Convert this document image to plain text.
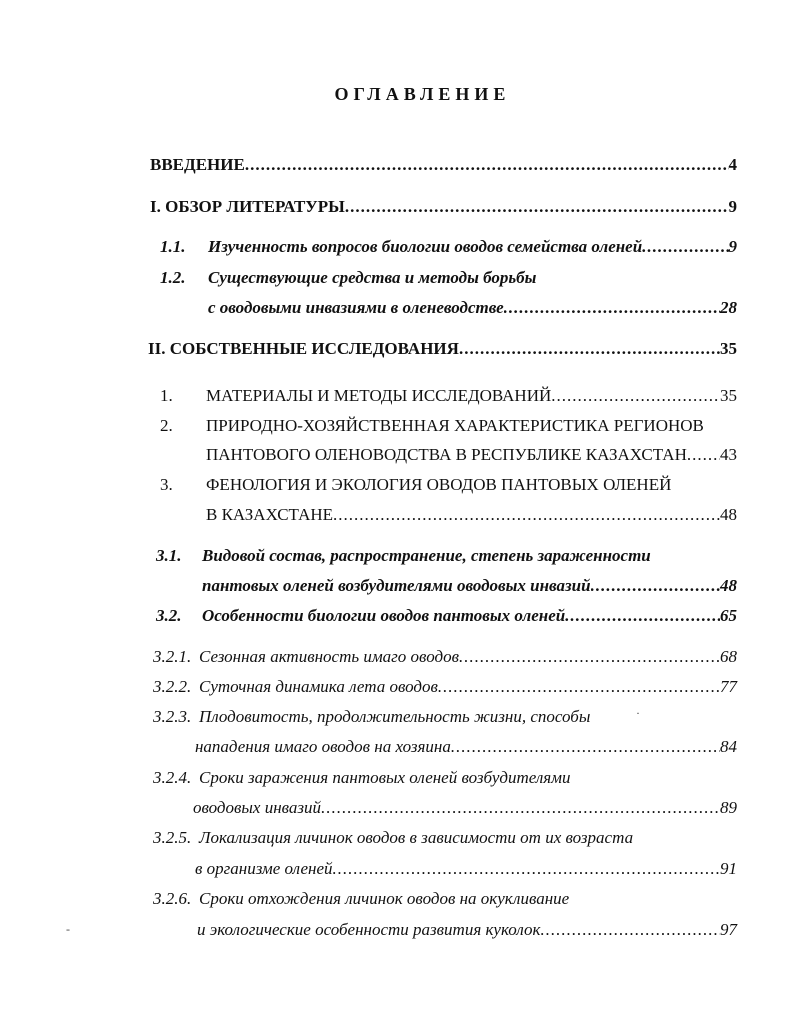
ОГЛАВЛЕНИЕ
ВВЕДЕНИЕ .....	4
I. ОБЗОР ЛИТЕРАТУРЫ .....	9
1.1.	Изученность вопросов биологии оводов семейства оленей .....	9
1.2.	Существующие средства и методы борьбы
с оводовыми инвазиями в оленеводстве .....	28
II. СОБСТВЕННЫЕ ИССЛЕДОВАНИЯ .....	35
1.	МАТЕРИАЛЫ И МЕТОДЫ ИССЛЕДОВАНИЙ .....	35
2.	ПРИРОДНО-ХОЗЯЙСТВЕННАЯ ХАРАКТЕРИСТИКА РЕГИОНОВ
ПАНТОВОГО ОЛЕНОВОДСТВА В РЕСПУБЛИКЕ КАЗАХСТАН ..... 43
3.	ФЕНОЛОГИЯ И ЭКОЛОГИЯ ОВОДОВ ПАНТОВЫХ ОЛЕНЕЙ
В КАЗАХСТАНЕ .....	48
3.1.	Видовой состав, распространение, степень зараженности
пантовых оленей возбудителями оводовых инвазий .....	48
3.2.	Особенности биологии оводов пантовых оленей .....	65
3.2.1. Сезонная активность имаго оводов .....	68
3.2.2. Суточная динамика лета оводов .....	77
3.2.3. Плодовитость, продолжительность жизни, способы
нападения имаго оводов на хозяина .....	84
3.2.4. Сроки заражения пантовых оленей возбудителями
оводовых инвазий .....	89
3.2.5. Локализация личинок оводов в зависимости от их возраста
в организме оленей .....	91
3.2.6. Сроки отхождения личинок оводов на окукливание
и экологические особенности развития куколок .....	97
·
-
